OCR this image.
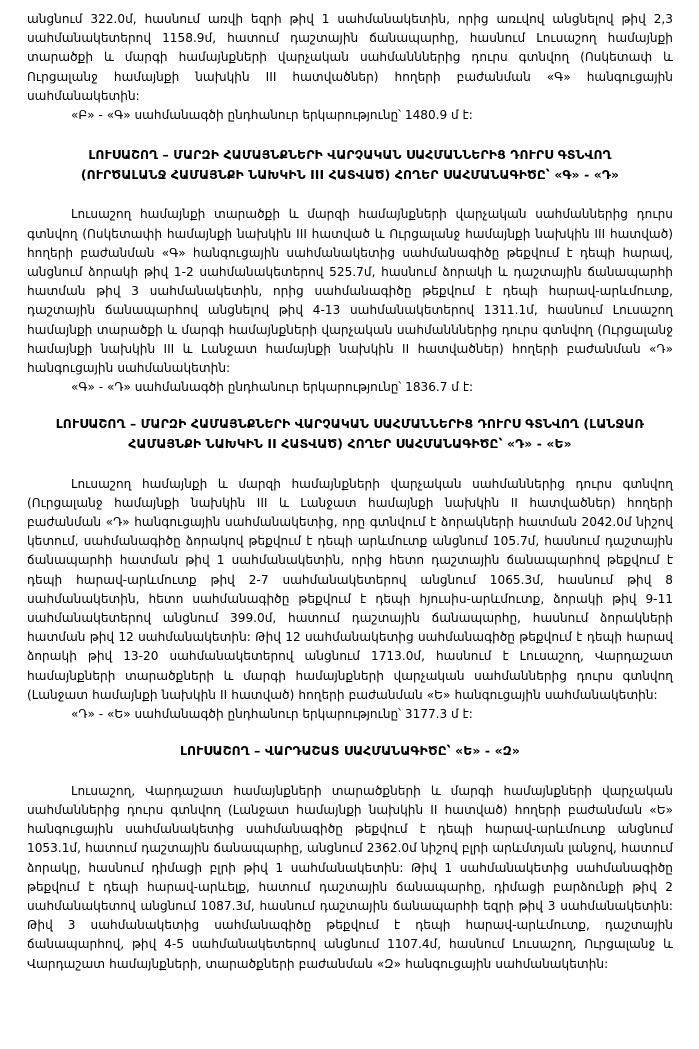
անցնում 322.0մ, հասնում առվի եզրի թիվ 1 սահմանակետին, որից առւվով անցնելով թիվ 2,3 սահմանակետերով 1158.9մ, հատում դաշտային ճանապարհը, հասնում Լուսաշող համայնքի տարածքի և մարգի համայնքների վարչական սահմանններից դուրս գտնվող (Ոսկետափ և Ուրցալանջ համայնքի նախկին III հատվածներ) հողերի բաժանման «Գ» հանգուցային սահմանակետին:

«Բ» - «Գ» սահմանագծի ընդհանուր երկարությունը՝ 1480.9 մ է:

ԼՈՒՍԱՇՈՂ – ՄԱՐԶԻ ՀԱՄԱՅՆՔՆԵՐԻ ՎԱՐՉԱԿԱՆ ՍԱՀՄԱՆՆԵՐԻՑ ԴՈՒՐՍ ԳՏՆՎՈՂ
(ՈՒՐԾԱԼԱՆՋ ՀԱՄԱՅՆՔԻ ՆԱԽԿԻՆ III ՀԱՏՎԱԾ) ՀՈՂԵՐ ՍԱՀՄԱՆԱԳԻԾԸ՝ «Գ» - «Դ»

Լուսաշող համայնքի տարածքի և մարզի համայնքների վարչական սահմաններից դուրս գտնվող (Ոսկետափի համայնքի նախկին III հատված և Ուրցալանջ համայնքի նախկին III հատված) հողերի բաժանման «Գ» հանգուցային սահմանակետից սահմանագիծը թեքվում է դեպի հարավ, անցնում ձորակի թիվ 1-2 սահմանակետերով 525.7մ, հասնում ձորակի և դաշտային ճանապարհի հատման թիվ 3 սահմանակետին, որից սահմանագիծը թեքվում է դեպի հարավ-արևմուտք, դաշտային ճանապարհով անցնելով թիվ 4-13 սահմանակետերով 1311.1մ, հասնում Լուսաշող համայնքի տարածքի և մարգի համայնքների վարչական սահմանններից դուրս գտնվող (Ուրցալանջ համայնքի նախկին III և Լանջատ համայնքի նախկին II հատվածներ) հողերի բաժանման «Դ» հանգուցային սահմանակետին:

«Գ» - «Դ» սահմանագծի ընդհանուր երկարությունը՝ 1836.7 մ է:

ԼՈՒՍԱՇՈՂ – ՄԱՐԶԻ ՀԱՄԱՅՆՔՆԵՐԻ ՎԱՐՉԱԿԱՆ ՍԱՀՄԱՆՆԵՐԻՑ ԴՈՒՐՍ ԳՏՆՎՈՂ (ԼԱՆՋԱՌ
ՀԱՄԱՅՆՔԻ ՆԱԽԿԻՆ II ՀԱՏՎԱԾ) ՀՈՂԵՐ ՍԱՀՄԱՆԱԳԻԾԸ՝ «Դ» - «Ե»

Լուսաշող համայնքի և մարզի համայնքների վարչական սահմաններից դուրս գտնվող (Ուրցալանջ համայնքի նախկին III և Լանջատ համայնքի նախկին II հատվածներ) հողերի բաժանման «Դ» հանգուցային սահմանակետից, որը գտնվում է ձորակների հատման 2042.0մ նիշով կետում, սահմանագիծը ձորակով թեքվում է դեպի արևմուտք անցնում 105.7մ, հասնում դաշտային ճանապարհի հատման թիվ 1 սահմանակետին, որից հետո դաշտային ճանապարհով թեքվում է դեպի հարավ-արևմուտք թիվ 2-7 սահմանակետերով անցնում 1065.3մ, հասնում թիվ 8 սահմանակետին, հետո սահմանագիծը թեքվում է դեպի հյուսիս-արևմուտք, ձորակի թիվ 9-11 սահմանակետերով անցնում 399.0մ, հատում դաշտային ճանապարհը, հասնում ձորակների հատման թիվ 12 սահմանակետին: Թիվ 12 սահմանակետից սահմանագիծը թեքվում է դեպի հարավ ձորակի թիվ 13-20 սահմանակետերով անցնում 1713.0մ, հասնում է Լուսաշող, Վարդաշատ համայնքների տարածքների և մարգի համայնքների վարչական սահմաններից դուրս գտնվող (Լանջատ համայնքի նախկին II հատված) հողերի բաժանման «Ե» հանգուցային սահմանակետին:

«Դ» - «Ե» սահմանագծի ընդհանուր երկարությունը՝ 3177.3 մ է:

ԼՈՒՍԱՇՈՂ – ՎԱՐԴԱՇԱՏ ՍԱՀՄԱՆԱԳԻԾԸ՝ «Ե» - «Զ»

Լուսաշող, Վարդաշատ համայնքների տարածքների և մարգի համայնքների վարչական սահմաններից դուրս գտնվող (Լանջատ համայնքի նախկին II հատված) հողերի բաժանման «Ե» հանգուցային սահմանակետից սահմանագիծը թեքվում է դեպի հարավ-արևմուտք անցնում 1053.1մ, հատում դաշտային ճանապարհը, անցնում 2362.0մ նիշով բլրի արևմտյան լանջով, հատում ձորակը, հասնում դիմացի բլրի թիվ 1 սահմանակետին: Թիվ 1 սահմանակետից սահմանագիծը թեքվում է դեպի հարավ-արևելք, հատում դաշտային ճանապարհը, դիմացի բարձունքի թիվ 2 սահմանակետով անցնում 1087.3մ, հասնում դաշտային ճանապարհի եզրի թիվ 3 սահմանակետին: Թիվ 3 սահմանակետից սահմանագիծը թեքվում է դեպի հարավ-արևմուտք, դաշտային ճանապարհով, թիվ 4-5 սահմանակետերով անցնում 1107.4մ, հասնում Լուսաշող, Ուրցալանջ և Վարդաշատ համայնքների, տարածքների բաժանման «Զ» հանգուցային սահմանակետին:
